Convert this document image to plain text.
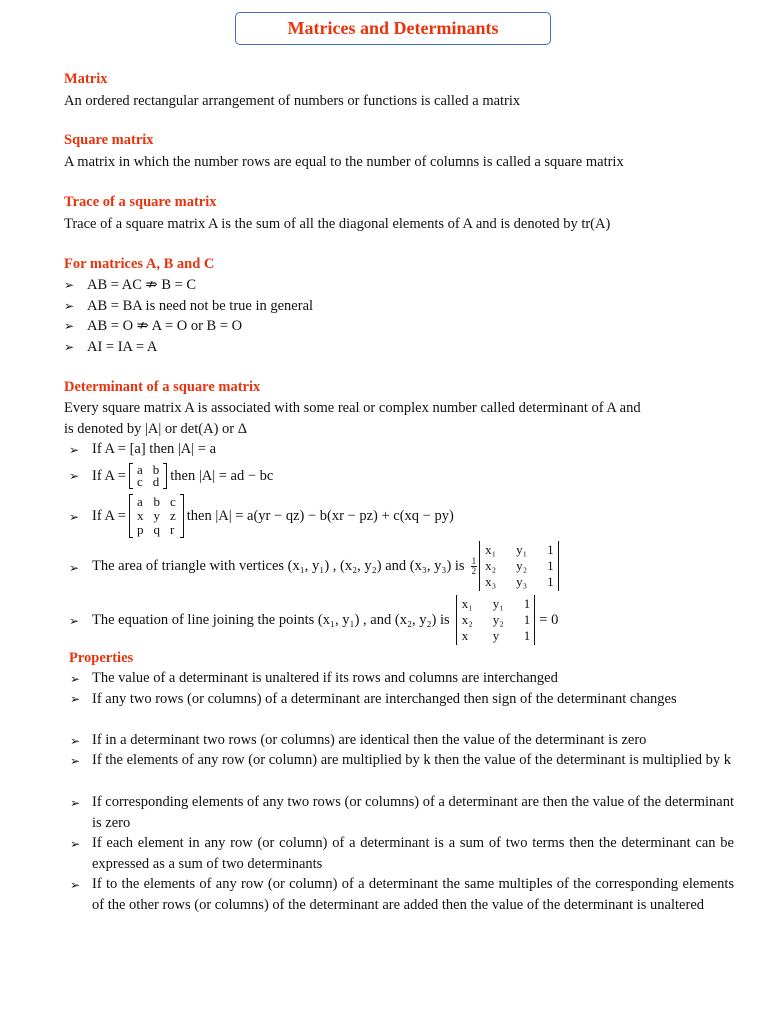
Matrices and Determinants
Matrix
An ordered rectangular arrangement of numbers or functions is called a matrix
Square matrix
A matrix in which the number rows are equal to the number of columns is called a square matrix
Trace of a square matrix
Trace of a square matrix A is the sum of all the diagonal elements of A and is denoted by tr(A)
For matrices A, B and C
➢ AB = AC ⇏ B = C
➢ AB = BA is need not be true in general
➢ AB = O ⇏ A = O or B = O
➢ AI = IA = A
Determinant of a square matrix
Every square matrix A is associated with some real or complex number called determinant of A and
is denoted by |A| or det(A) or Δ
➢ If A = [a] then |A| = a
➢ If A = a b
c d then |A| = ad − bc
➢ If A =
a b c
x y z
p q r
then |A| = a(yr − qz) − b(xr − pz) + c(xq − py)
➢ The area of triangle with vertices (x₁, y₁) , (x₂, y₂) and (x₃, y₃) is $\frac{1}{2}$
x₁ y₁ 1
x₂ y₂ 1
x₃ y₃ 1
➢ The equation of line joining the points (x₁, y₁) , and (x₂, y₂) is
x₁ y₁ 1
x₂ y₂ 1
x	y	1
= 0
Properties
➢ The value of a determinant is unaltered if its rows and columns are interchanged
➢ If any two rows (or columns) of a determinant are interchanged then sign of the determinant changes
➢ If in a determinant two rows (or columns) are identical then the value of the determinant is zero
➢ If the elements of any row (or column) are multiplied by k then the value of the determinant is multiplied by k
➢ If corresponding elements of any two rows (or columns) of a determinant are then the value of the determinant is zero
➢ If each element in any row (or column) of a determinant is a sum of two terms then the determinant can be expressed as a sum of two determinants
➢ If to the elements of any row (or column) of a determinant the same multiples of the corresponding elements of the other rows (or columns) of the determinant are added then the value of the determinant is unaltered
